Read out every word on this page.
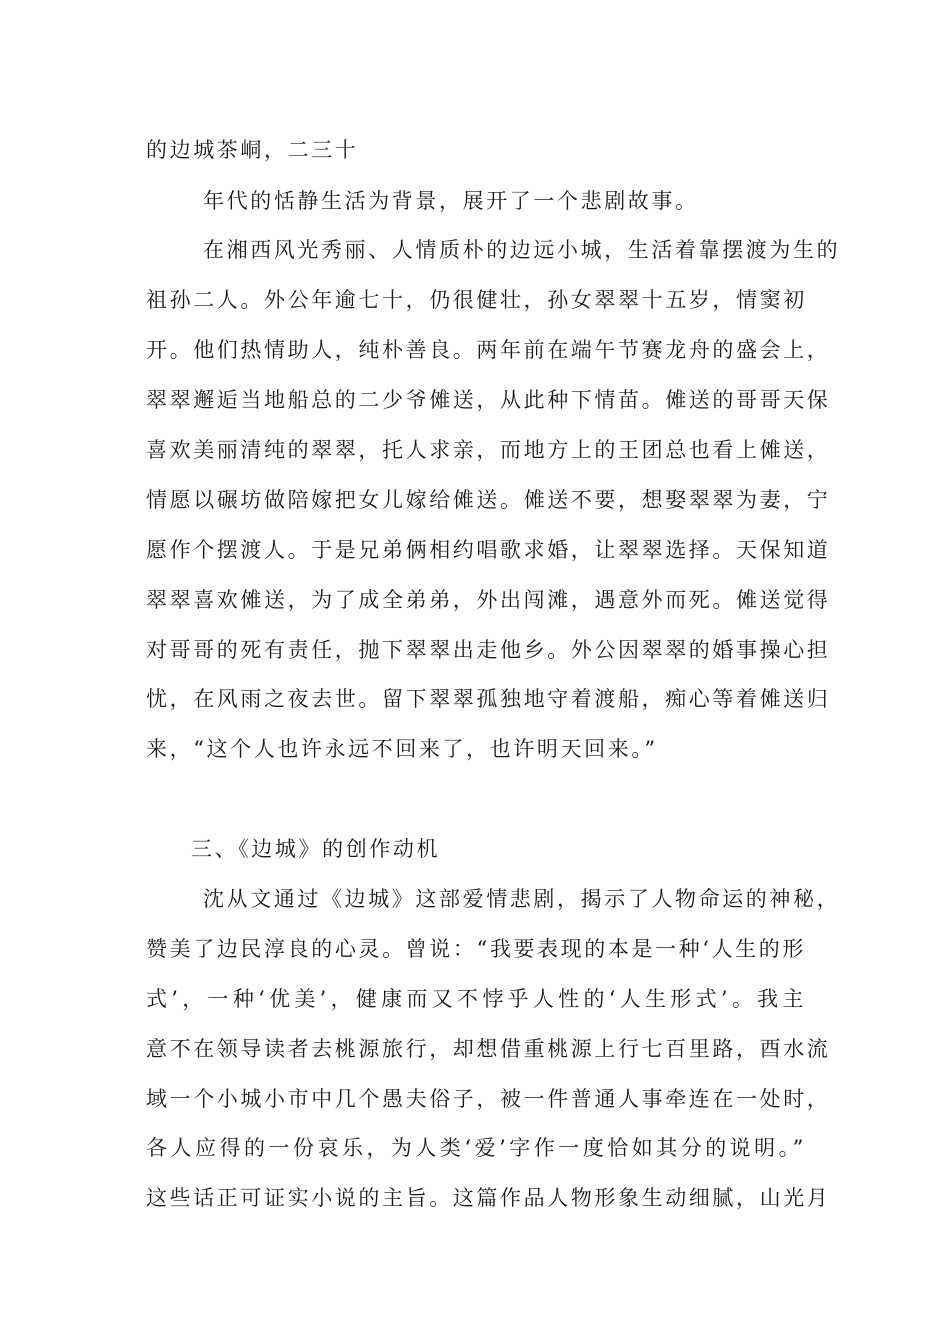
的边城茶峒，二三十
年代的恬静生活为背景，展开了一个悲剧故事。
在湘西风光秀丽、人情质朴的边远小城，生活着靠摆渡为生的
祖孙二人。外公年逾七十，仍很健壮，孙女翠翠十五岁，情窦初
开。他们热情助人，纯朴善良。两年前在端午节赛龙舟的盛会上，
翠翠邂逅当地船总的二少爷傩送，从此种下情苗。傩送的哥哥天保
喜欢美丽清纯的翠翠，托人求亲，而地方上的王团总也看上傩送，
情愿以碾坊做陪嫁把女儿嫁给傩送。傩送不要，想娶翠翠为妻，宁
愿作个摆渡人。于是兄弟俩相约唱歌求婚，让翠翠选择。天保知道
翠翠喜欢傩送，为了成全弟弟，外出闯滩，遇意外而死。傩送觉得
对哥哥的死有责任，抛下翠翠出走他乡。外公因翠翠的婚事操心担
忧，在风雨之夜去世。留下翠翠孤独地守着渡船，痴心等着傩送归
来，“这个人也许永远不回来了，也许明天回来。”
三、《边城》的创作动机
沈从文通过《边城》这部爱情悲剧，揭示了人物命运的神秘，
赞美了边民淳良的心灵。曾说：“我要表现的本是一种‘人生的形
式’，一种‘优美’，健康而又不悖乎人性的‘人生形式’。我主
意不在领导读者去桃源旅行，却想借重桃源上行七百里路，酉水流
域一个小城小市中几个愚夫俗子，被一件普通人事牵连在一处时，
各人应得的一份哀乐，为人类‘爱’字作一度恰如其分的说明。”
这些话正可证实小说的主旨。这篇作品人物形象生动细腻，山光月
